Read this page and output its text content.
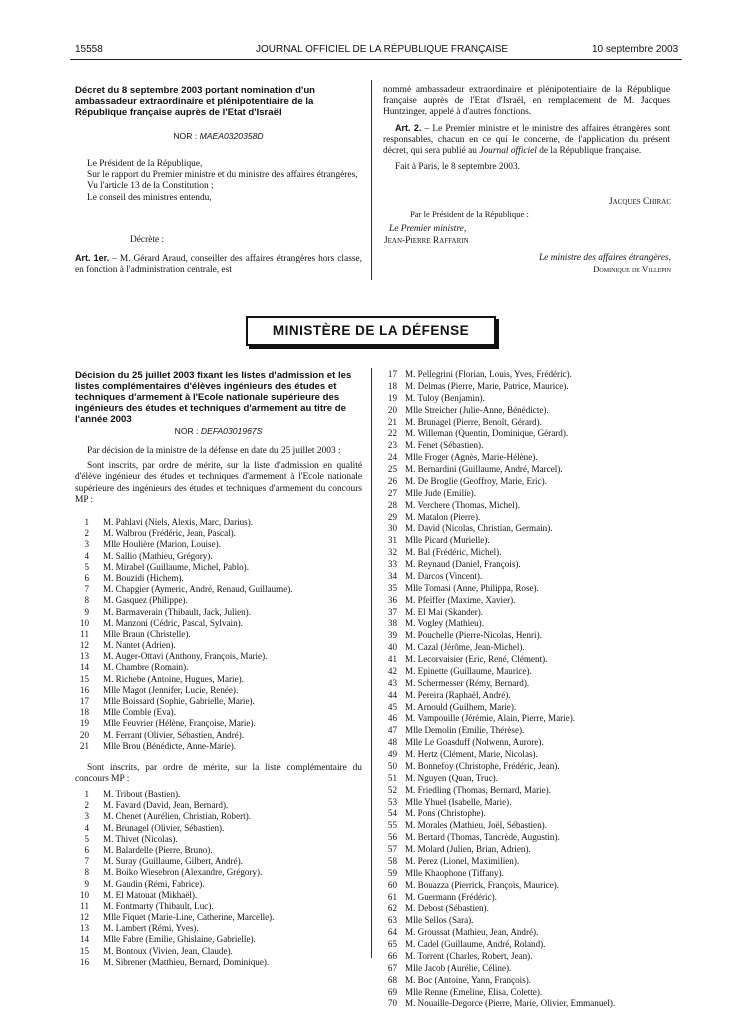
15558	JOURNAL OFFICIEL DE LA RÉPUBLIQUE FRANÇAISE	10 septembre 2003
Décret du 8 septembre 2003 portant nomination d'un ambassadeur extraordinaire et plénipotentiaire de la République française auprès de l'Etat d'Israël
NOR : MAEA0320358D

Le Président de la République,

Sur le rapport du Premier ministre et du ministre des affaires étrangères,

Vu l'article 13 de la Constitution ;

Le conseil des ministres entendu,

Décrète :
Art. 1er. – M. Gérard Araud, conseiller des affaires étrangères hors classe, en fonction à l'administration centrale, est

nommé ambassadeur extraordinaire et plénipotentiaire de la République française auprès de l'Etat d'Israël, en remplacement de M. Jacques Huntzinger, appelé à d'autres fonctions.

Art. 2. – Le Premier ministre et le ministre des affaires étrangères sont responsables, chacun en ce qui le concerne, de l'application du présent décret, qui sera publié au Journal officiel de la République française.

Fait à Paris, le 8 septembre 2003.

Jacques Chirac
Par le Président de la République :
Le Premier ministre,
Jean-Pierre Raffarin
Le ministre des affaires étrangères,
Dominique de Villepin
MINISTÈRE DE LA DÉFENSE
Décision du 25 juillet 2003 fixant les listes d'admission et les listes complémentaires d'élèves ingénieurs des études et techniques d'armement à l'Ecole nationale supérieure des ingénieurs des études et techniques d'armement au titre de l'année 2003
NOR : DEFA0301967S

Par décision de la ministre de la défense en date du 25 juillet 2003 :

Sont inscrits, par ordre de mérite, sur la liste d'admission en qualité d'élève ingénieur des études et techniques d'armement à l'Ecole nationale supérieure des ingénieurs des études et techniques d'armement du concours MP :

1 M. Pahlavi (Niels, Alexis, Marc, Darius).
2 M. Walbrou (Frédéric, Jean, Pascal).
3 Mlle Houlière (Marion, Louise).
4 M. Sallio (Mathieu, Grégory).
5 M. Mirabel (Guillaume, Michel, Pablo).
6 M. Bouzidi (Hichem).
7 M. Chapgier (Aymeric, André, Renaud, Guillaume).
8 M. Gasquez (Philippe).
9 M. Barmaverain (Thibault, Jack, Julien).
10 M. Manzoni (Cédric, Pascal, Sylvain).
11 Mlle Braun (Christelle).
12 M. Nantet (Adrien).
13 M. Auger-Ottavi (Anthony, François, Marie).
14 M. Chambre (Romain).
15 M. Richebe (Antoine, Hugues, Marie).
16 Mlle Magot (Jennifer, Lucie, Renée).
17 Mlle Boissard (Sophie, Gabrielle, Marie).
18 Mlle Comble (Eva).
19 Mlle Feuvrier (Hélène, Françoise, Marie).
20 M. Ferrant (Olivier, Sébastien, André).
21 Mlle Brou (Bénédicte, Anne-Marie).

Sont inscrits, par ordre de mérite, sur la liste complémentaire du concours MP :

1 M. Tribout (Bastien).
2 M. Favard (David, Jean, Bernard).
3 M. Chenet (Aurélien, Christian, Robert).
4 M. Brunagel (Olivier, Sébastien).
5 M. Thivet (Nicolas).
6 M. Balardelle (Pierre, Bruno).
7 M. Suray (Guillaume, Gilbert, André).
8 M. Boiko Wiesebron (Alexandre, Grégory).
9 M. Gaudin (Rémi, Fabrice).
10 M. El Matouat (Mikhaël).
11 M. Fontmarty (Thibault, Luc).
12 Mlle Fiquet (Marie-Line, Catherine, Marcelle).
13 M. Lambert (Rémi, Yves).
14 Mlle Fabre (Emilie, Ghislaine, Gabrielle).
15 M. Bontoux (Vivien, Jean, Claude).
16 M. Sibrener (Matthieu, Bernard, Dominique).
17 M. Pellegrini (Florian, Louis, Yves, Frédéric).
18 M. Delmas (Pierre, Marie, Patrice, Maurice).
19 M. Tuloy (Benjamin).
20 Mlle Streicher (Julie-Anne, Bénédicte).
21 M. Brunagel (Pierre, Benoît, Gérard).
22 M. Willeman (Quentin, Dominique, Gérard).
23 M. Fenet (Sébastien).
24 Mlle Froger (Agnès, Marie-Hélène).
25 M. Bernardini (Guillaume, André, Marcel).
26 M. De Broglie (Geoffroy, Marie, Eric).
27 Mlle Jude (Emilie).
28 M. Verchere (Thomas, Michel).
29 M. Matalon (Pierre).
30 M. David (Nicolas, Christian, Germain).
31 Mlle Picard (Murielle).
32 M. Bal (Frédéric, Michel).
33 M. Reynaud (Daniel, François).
34 M. Darcos (Vincent).
35 Mlle Tomasi (Anne, Philippa, Rose).
36 M. Pfeiffer (Maxime, Xavier).
37 M. El Mai (Skander).
38 M. Vogley (Mathieu).
39 M. Pouchelle (Pierre-Nicolas, Henri).
40 M. Cazal (Jérôme, Jean-Michel).
41 M. Lecorvaisier (Eric, René, Clément).
42 M. Epinette (Guillaume, Maurice).
43 M. Schermesser (Rémy, Bernard).
44 M. Pereira (Raphaël, André).
45 M. Arnould (Guilhem, Marie).
46 M. Vampouille (Jérémie, Alain, Pierre, Marie).
47 Mlle Demolin (Emilie, Thérèse).
48 Mlle Le Goasduff (Nolwenn, Aurore).
49 M. Hertz (Clément, Marie, Nicolas).
50 M. Bonnefoy (Christophe, Frédéric, Jean).
51 M. Nguyen (Quan, Truc).
52 M. Friedling (Thomas, Bernard, Marie).
53 Mlle Yhuel (Isabelle, Marie).
54 M. Pons (Christophe).
55 M. Morales (Mathieu, Joël, Sébastien).
56 M. Bertard (Thomas, Tancrède, Augustin).
57 M. Molard (Julien, Brian, Adrien).
58 M. Perez (Lionel, Maximilien).
59 Mlle Khaophone (Tiffany).
60 M. Bouazza (Pierrick, François, Maurice).
61 M. Guermann (Frédéric).
62 M. Debost (Sébastien).
63 Mlle Sellos (Sara).
64 M. Groussat (Mathieu, Jean, André).
65 M. Cadel (Guillaume, André, Roland).
66 M. Torrent (Charles, Robert, Jean).
67 Mlle Jacob (Aurélie, Céline).
68 M. Boc (Antoine, Yann, François).
69 Mlle Renne (Emeline, Elisa, Colette).
70 M. Nouaille-Degorce (Pierre, Marie, Olivier, Emmanuel).
